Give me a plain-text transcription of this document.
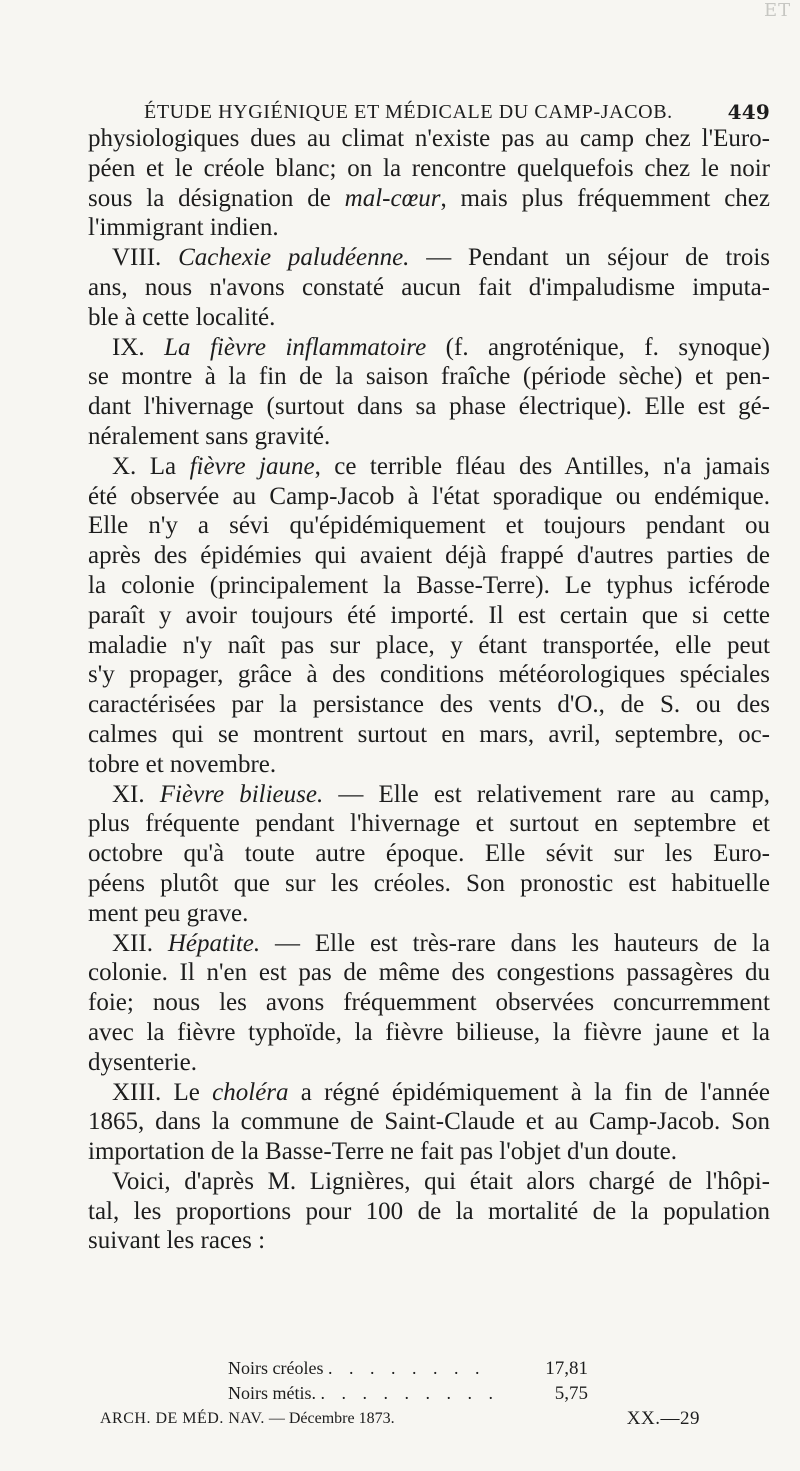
ET
ÉTUDE HYGIÉNIQUE ET MÉDICALE DU CAMP-JACOB.	449
physiologiques dues au climat n'existe pas au camp chez l'Euro-
péen et le créole blanc; on la rencontre quelquefois chez le noir
sous la désignation de mal-cœur, mais plus fréquemment chez
l'immigrant indien.
VIII. Cachexie paludéenne. — Pendant un séjour de trois
ans, nous n'avons constaté aucun fait d'impaludisme imputa-
ble à cette localité.
IX. La fièvre inflammatoire (f. angroténique, f. synoque)
se montre à la fin de la saison fraîche (période sèche) et pen-
dant l'hivernage (surtout dans sa phase électrique). Elle est gé-
néralement sans gravité.
X. La fièvre jaune, ce terrible fléau des Antilles, n'a jamais
été observée au Camp-Jacob à l'état sporadique ou endémique.
Elle n'y a sévi qu'épidémiquement et toujours pendant ou
après des épidémies qui avaient déjà frappé d'autres parties de
la colonie (principalement la Basse-Terre). Le typhus icférode
paraît y avoir toujours été importé. Il est certain que si cette
maladie n'y naît pas sur place, y étant transportée, elle peut
s'y propager, grâce à des conditions météorologiques spéciales
caractérisées par la persistance des vents d'O., de S. ou des
calmes qui se montrent surtout en mars, avril, septembre, oc-
tobre et novembre.
XI. Fièvre bilieuse. — Elle est relativement rare au camp,
plus fréquente pendant l'hivernage et surtout en septembre et
octobre qu'à toute autre époque. Elle sévit sur les Euro-
péens plutôt que sur les créoles. Son pronostic est habituelle
ment peu grave.
XII. Hépatite. — Elle est très-rare dans les hauteurs de la
colonie. Il n'en est pas de même des congestions passagères du
foie; nous les avons fréquemment observées concurremment
avec la fièvre typhoïde, la fièvre bilieuse, la fièvre jaune et la
dysenterie.
XIII. Le choléra a régné épidémiquement à la fin de l'année
1865, dans la commune de Saint-Claude et au Camp-Jacob. Son
importation de la Basse-Terre ne fait pas l'objet d'un doute.
Voici, d'après M. Lignières, qui était alors chargé de l'hôpi-
tal, les proportions pour 100 de la mortalité de la population
suivant les races :
Noirs créoles . . . . . . . .	17,81
Noirs métis. . . . . . . . . .	5,75
ARCH. DE MÉD. NAV. — Décembre 1873.	XX.—29
